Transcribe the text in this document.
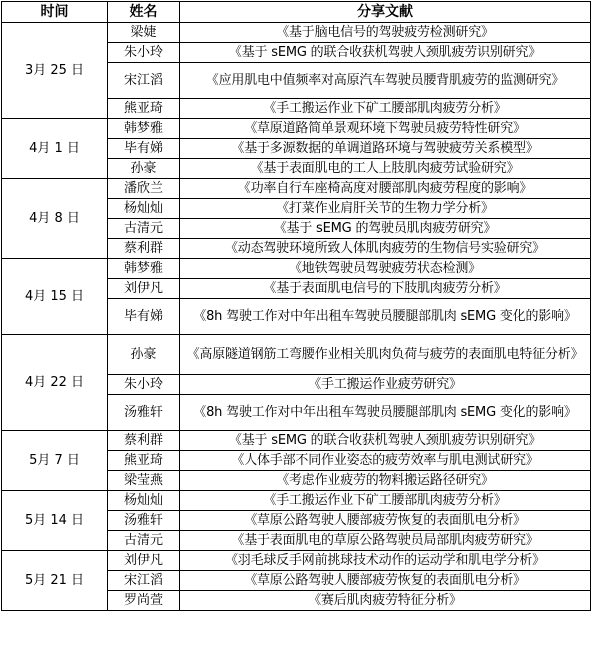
时间	姓名	分享文献
3月 25 日	梁婕	《基于脑电信号的驾驶疲劳检测研究》
	朱小玲	《基于 sEMG 的联合收获机驾驶人颈肌疲劳识别研究》
	宋江滔	《应用肌电中值频率对高原汽车驾驶员腰背肌疲劳的监测研究》
	熊亚琦	《手工搬运作业下矿工腰部肌肉疲劳分析》
4月 1 日	韩梦雅	《草原道路简单景观环境下驾驶员疲劳特性研究》
	毕有娣	《基于多源数据的单调道路环境与驾驶疲劳关系模型》
	孙豪	《基于表面肌电的工人上肢肌肉疲劳试验研究》
4月 8 日	潘欣兰	《功率自行车座椅高度对腰部肌肉疲劳程度的影响》
	杨灿灿	《打菜作业肩肝关节的生物力学分析》
	古清元	《基于 sEMG 的驾驶员肌肉疲劳研究》
	蔡利群	《动态驾驶环境所致人体肌肉疲劳的生物信号实验研究》
4月 15 日	韩梦雅	《地铁驾驶员驾驶疲劳状态检测》
	刘伊凡	《基于表面肌电信号的下肢肌肉疲劳分析》
	毕有娣	《8h 驾驶工作对中年出租车驾驶员腰腿部肌肉 sEMG 变化的影响》
4月 22 日	孙豪	《高原隧道钢筋工弯腰作业相关肌肉负荷与疲劳的表面肌电特征分析》
	朱小玲	《手工搬运作业疲劳研究》
	汤雅轩	《8h 驾驶工作对中年出租车驾驶员腰腿部肌肉 sEMG 变化的影响》
5月 7 日	蔡利群	《基于 sEMG 的联合收获机驾驶人颈肌疲劳识别研究》
	熊亚琦	《人体手部不同作业姿态的疲劳效率与肌电测试研究》
	梁莹燕	《考虑作业疲劳的物料搬运路径研究》
5月 14 日	杨灿灿	《手工搬运作业下矿工腰部肌肉疲劳分析》
	汤雅轩	《草原公路驾驶人腰部疲劳恢复的表面肌电分析》
	古清元	《基于表面肌电的草原公路驾驶员局部肌肉疲劳研究》
5月 21 日	刘伊凡	《羽毛球反手网前挑球技术动作的运动学和肌电学分析》
	宋江滔	《草原公路驾驶人腰部疲劳恢复的表面肌电分析》
	罗尚萱	《赛后肌肉疲劳特征分析》
